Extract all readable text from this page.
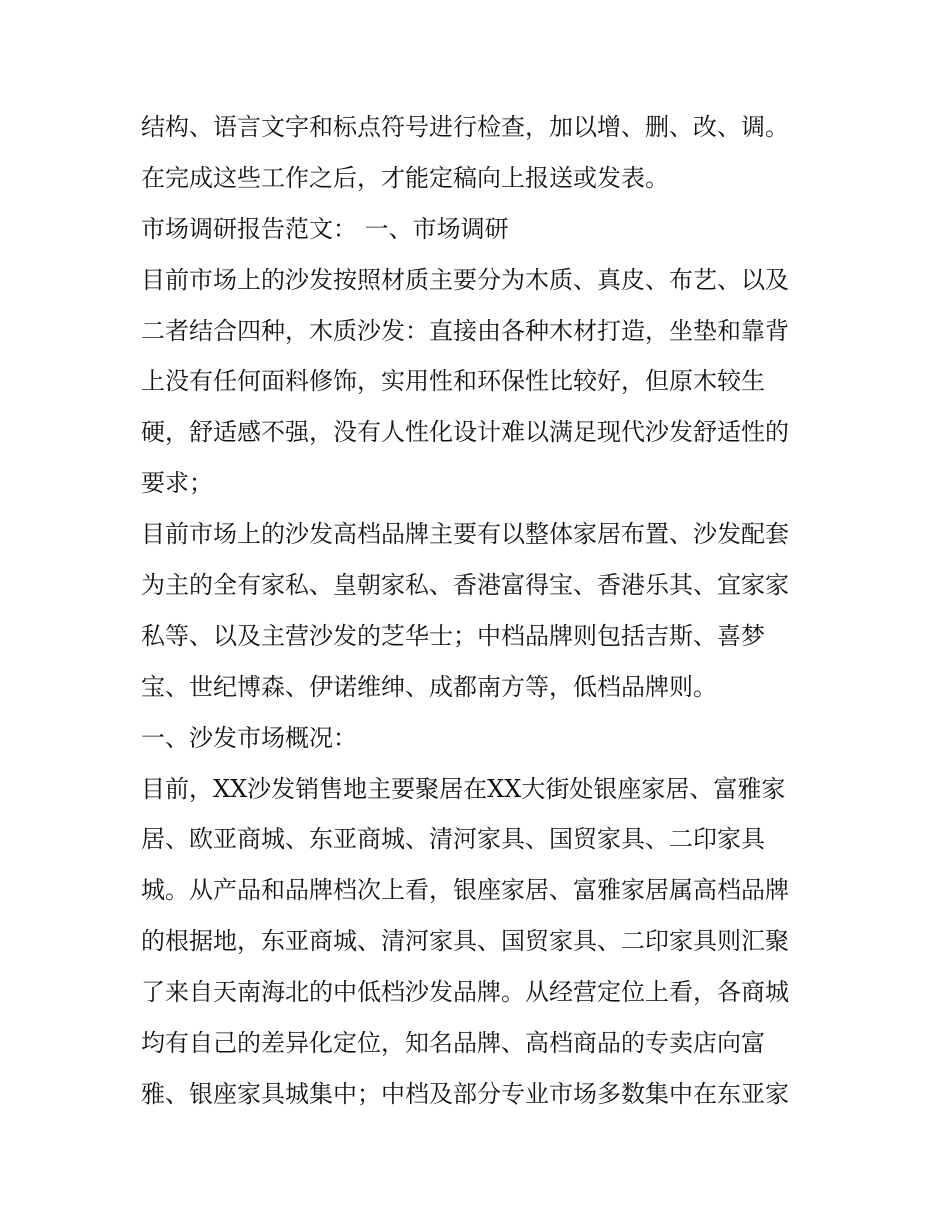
结构、语言文字和标点符号进行检查，加以增、删、改、调。
在完成这些工作之后，才能定稿向上报送或发表。
市场调研报告范文： 一、市场调研
目前市场上的沙发按照材质主要分为木质、真皮、布艺、以及
二者结合四种，木质沙发：直接由各种木材打造，坐垫和靠背
上没有任何面料修饰，实用性和环保性比较好，但原木较生
硬，舒适感不强，没有人性化设计难以满足现代沙发舒适性的
要求；
目前市场上的沙发高档品牌主要有以整体家居布置、沙发配套
为主的全有家私、皇朝家私、香港富得宝、香港乐其、宜家家
私等、以及主营沙发的芝华士；中档品牌则包括吉斯、喜梦
宝、世纪博森、伊诺维绅、成都南方等，低档品牌则。
一、沙发市场概况：
目前，XX沙发销售地主要聚居在XX大街处银座家居、富雅家
居、欧亚商城、东亚商城、清河家具、国贸家具、二印家具
城。从产品和品牌档次上看，银座家居、富雅家居属高档品牌
的根据地，东亚商城、清河家具、国贸家具、二印家具则汇聚
了来自天南海北的中低档沙发品牌。从经营定位上看，各商城
均有自己的差异化定位，知名品牌、高档商品的专卖店向富
雅、银座家具城集中；中档及部分专业市场多数集中在东亚家
